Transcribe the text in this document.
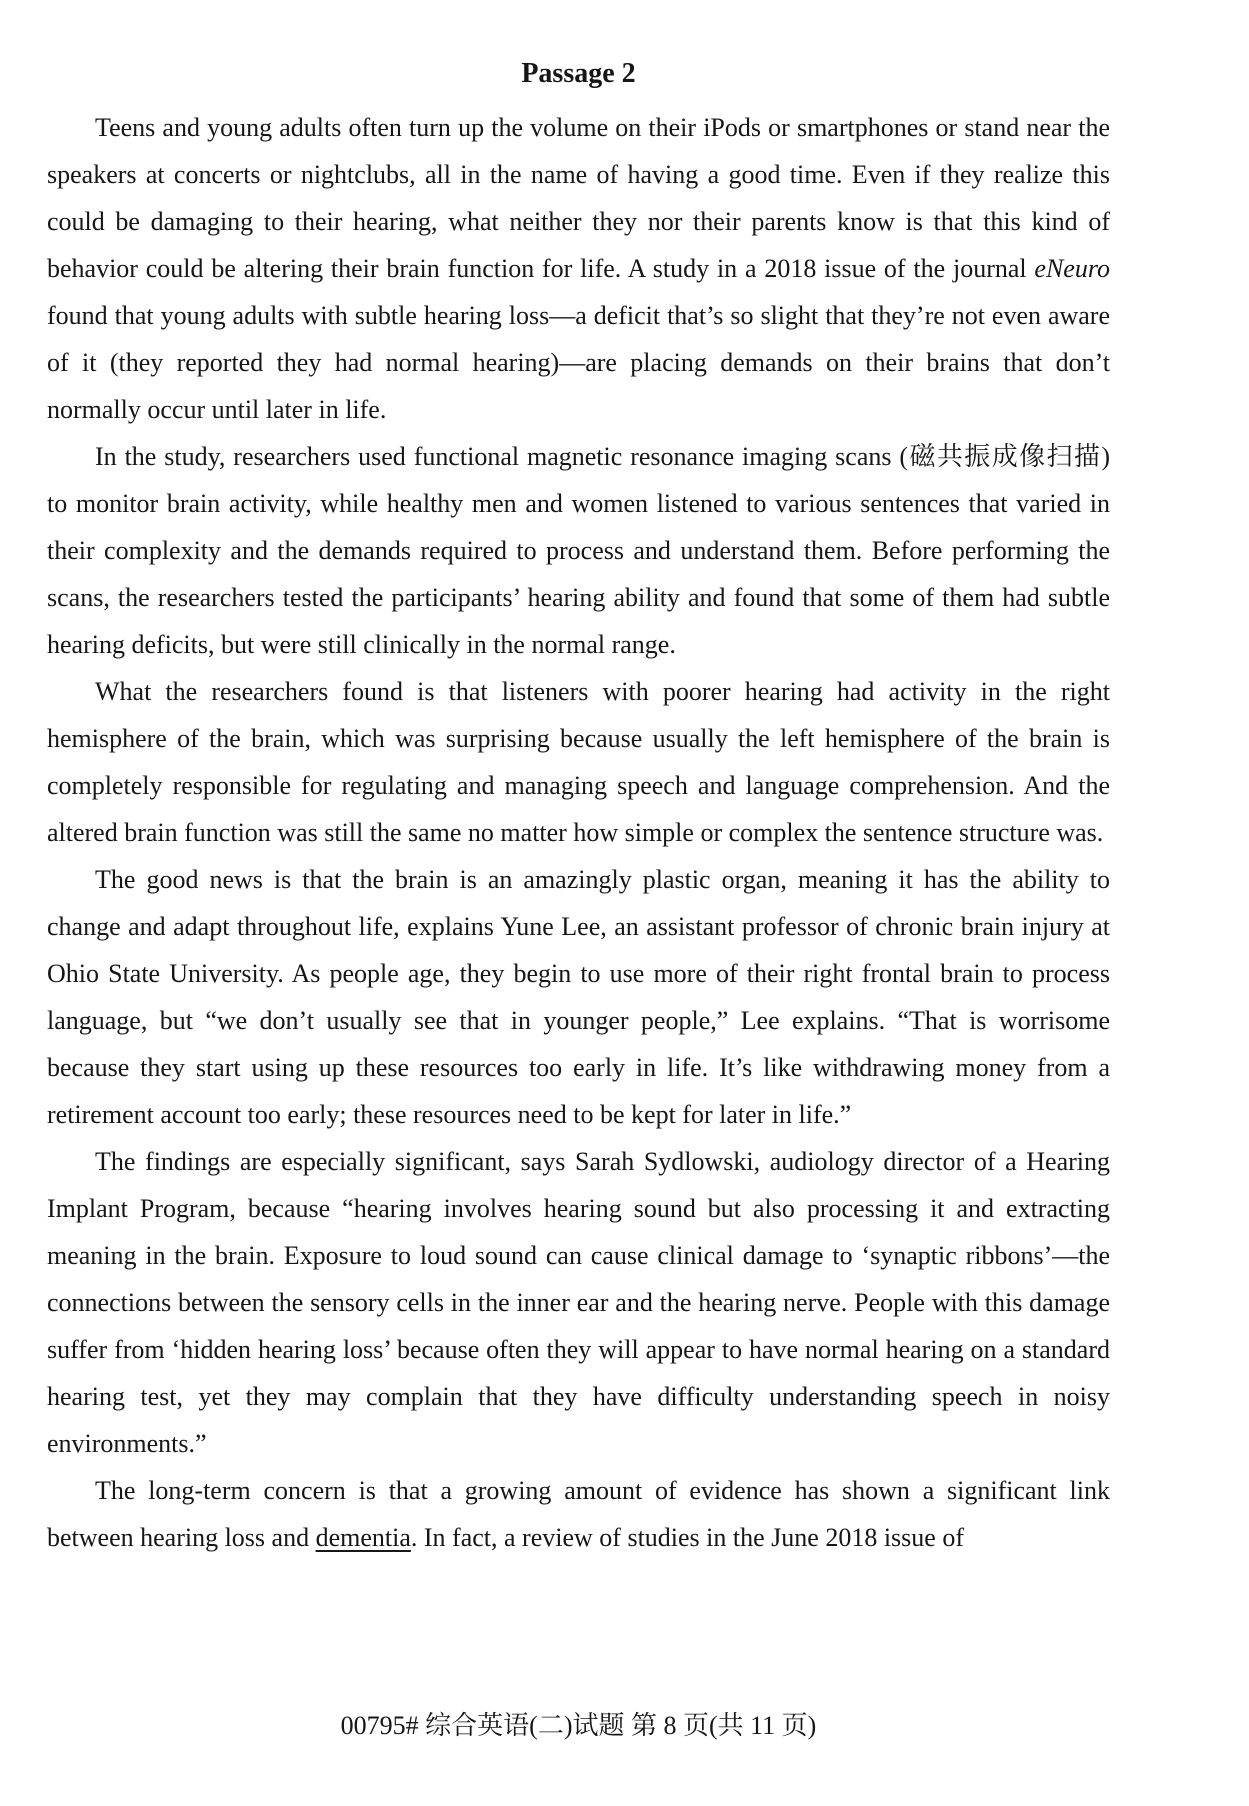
Passage 2

Teens and young adults often turn up the volume on their iPods or smartphones or stand near the speakers at concerts or nightclubs, all in the name of having a good time. Even if they realize this could be damaging to their hearing, what neither they nor their parents know is that this kind of behavior could be altering their brain function for life. A study in a 2018 issue of the journal eNeuro found that young adults with subtle hearing loss—a deficit that’s so slight that they’re not even aware of it (they reported they had normal hearing)—are placing demands on their brains that don’t normally occur until later in life.

In the study, researchers used functional magnetic resonance imaging scans (磁共振成像扫描) to monitor brain activity, while healthy men and women listened to various sentences that varied in their complexity and the demands required to process and understand them. Before performing the scans, the researchers tested the participants’ hearing ability and found that some of them had subtle hearing deficits, but were still clinically in the normal range.

What the researchers found is that listeners with poorer hearing had activity in the right hemisphere of the brain, which was surprising because usually the left hemisphere of the brain is completely responsible for regulating and managing speech and language comprehension. And the altered brain function was still the same no matter how simple or complex the sentence structure was.

The good news is that the brain is an amazingly plastic organ, meaning it has the ability to change and adapt throughout life, explains Yune Lee, an assistant professor of chronic brain injury at Ohio State University. As people age, they begin to use more of their right frontal brain to process language, but “we don’t usually see that in younger people,” Lee explains. “That is worrisome because they start using up these resources too early in life. It’s like withdrawing money from a retirement account too early; these resources need to be kept for later in life.”

The findings are especially significant, says Sarah Sydlowski, audiology director of a Hearing Implant Program, because “hearing involves hearing sound but also processing it and extracting meaning in the brain. Exposure to loud sound can cause clinical damage to ‘synaptic ribbons’—the connections between the sensory cells in the inner ear and the hearing nerve. People with this damage suffer from ‘hidden hearing loss’ because often they will appear to have normal hearing on a standard hearing test, yet they may complain that they have difficulty understanding speech in noisy environments.”

The long-term concern is that a growing amount of evidence has shown a significant link between hearing loss and dementia. In fact, a review of studies in the June 2018 issue of

00795# 综合英语(二)试题 第 8 页(共 11 页)
